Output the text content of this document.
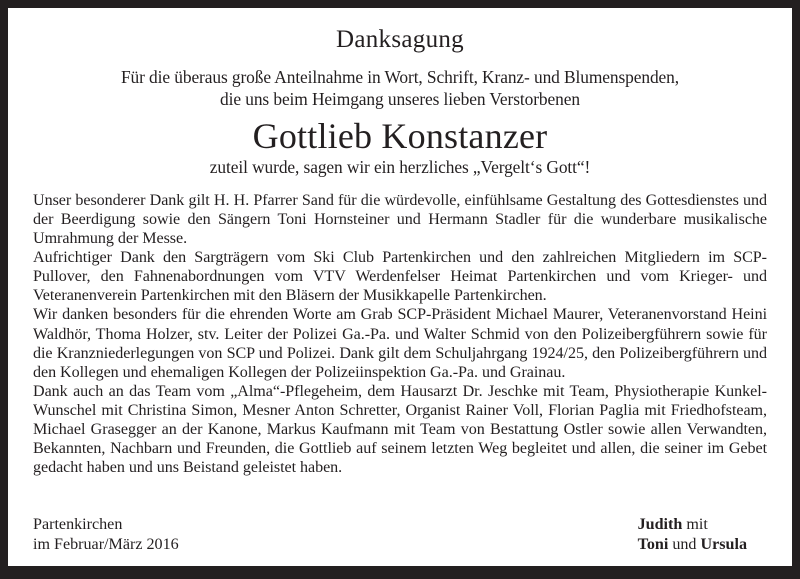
Danksagung
Für die überaus große Anteilnahme in Wort, Schrift, Kranz- und Blumenspenden,
die uns beim Heimgang unseres lieben Verstorbenen
Gottlieb Konstanzer
zuteil wurde, sagen wir ein herzliches „Vergelt‘s Gott“!

Unser besonderer Dank gilt H. H. Pfarrer Sand für die würdevolle, einfühlsame Gestaltung des Gottesdienstes und der Beerdigung sowie den Sängern Toni Hornsteiner und Hermann Stadler für die wunderbare musikalische Umrahmung der Messe.

Aufrichtiger Dank den Sargträgern vom Ski Club Partenkirchen und den zahlreichen Mitgliedern im SCP-Pullover, den Fahnenabordnungen vom VTV Werdenfelser Heimat Partenkirchen und vom Krieger- und Veteranenverein Partenkirchen mit den Bläsern der Musikkapelle Partenkirchen.

Wir danken besonders für die ehrenden Worte am Grab SCP-Präsident Michael Maurer, Veteranenvorstand Heini Waldhör, Thoma Holzer, stv. Leiter der Polizei Ga.-Pa. und Walter Schmid von den Polizeibergführern sowie für die Kranzniederlegungen von SCP und Polizei. Dank gilt dem Schuljahrgang 1924/25, den Polizeibergführern und den Kollegen und ehemaligen Kollegen der Polizeiinspektion Ga.-Pa. und Grainau.

Dank auch an das Team vom „Alma“-Pflegeheim, dem Hausarzt Dr. Jeschke mit Team, Physiotherapie Kunkel-Wunschel mit Christina Simon, Mesner Anton Schretter, Organist Rainer Voll, Florian Paglia mit Friedhofsteam, Michael Grasegger an der Kanone, Markus Kaufmann mit Team von Bestattung Ostler sowie allen Verwandten, Bekannten, Nachbarn und Freunden, die Gottlieb auf seinem letzten Weg begleitet und allen, die seiner im Gebet gedacht haben und uns Beistand geleistet haben.

Partenkirchen
im Februar/März 2016
Judith mit
Toni und Ursula
